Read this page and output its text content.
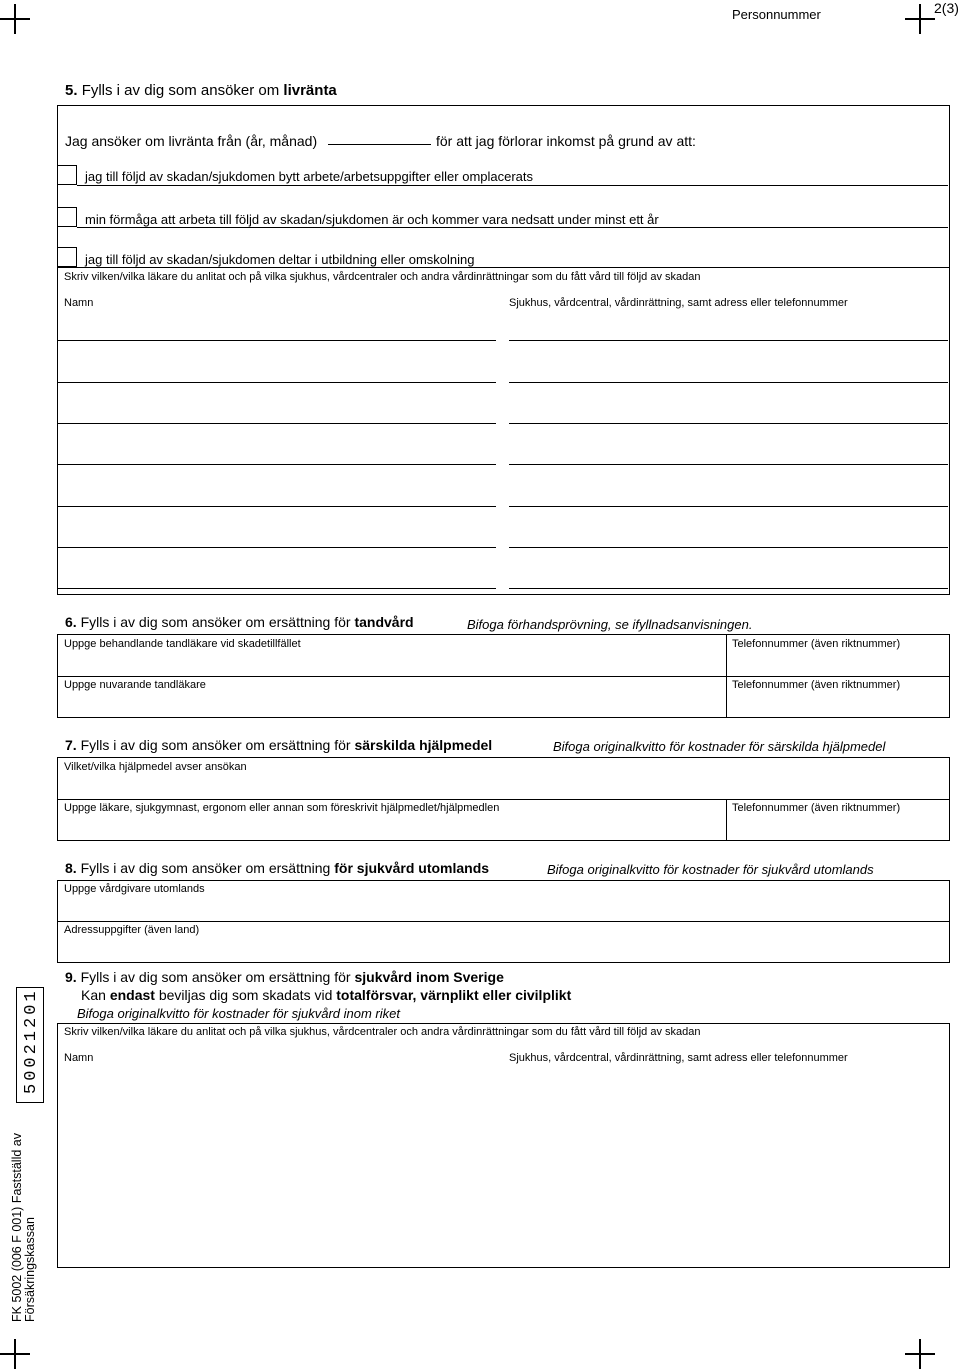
Personnummer	2(3)
5. Fylls i av dig som ansöker om livränta
Jag ansöker om livränta från (år, månad)	för att jag förlorar inkomst på grund av att:
jag till följd av skadan/sjukdomen bytt arbete/arbetsuppgifter eller omplacerats
min förmåga att arbeta till följd av skadan/sjukdomen är och kommer vara nedsatt under minst ett år
jag till följd av skadan/sjukdomen deltar i utbildning eller omskolning
Skriv vilken/vilka läkare du anlitat och på vilka sjukhus, vårdcentraler och andra vårdinrättningar som du fått vård till följd av skadan
Namn	Sjukhus, vårdcentral, vårdinrättning, samt adress eller telefonnummer
6. Fylls i av dig som ansöker om ersättning för tandvård	Bifoga förhandsprövning, se ifyllnadsanvisningen.
Uppge behandlande tandläkare vid skadetillfället	Telefonnummer (även riktnummer)
Uppge nuvarande tandläkare	Telefonnummer (även riktnummer)
7. Fylls i av dig som ansöker om ersättning för särskilda hjälpmedel	Bifoga originalkvitto för kostnader för särskilda hjälpmedel
Vilket/vilka hjälpmedel avser ansökan
Uppge läkare, sjukgymnast, ergonom eller annan som föreskrivit hjälpmedlet/hjälpmedlen	Telefonnummer (även riktnummer)
8. Fylls i av dig som ansöker om ersättning för sjukvård utomlands	Bifoga originalkvitto för kostnader för sjukvård utomlands
Uppge vårdgivare utomlands
Adressuppgifter (även land)
9. Fylls i av dig som ansöker om ersättning för sjukvård inom Sverige
Kan endast beviljas dig som skadats vid totalförsvar, värnplikt eller civilplikt
Bifoga originalkvitto för kostnader för sjukvård inom riket
Skriv vilken/vilka läkare du anlitat och på vilka sjukhus, vårdcentraler och andra vårdinrättningar som du fått vård till följd av skadan
Namn	Sjukhus, vårdcentral, vårdinrättning, samt adress eller telefonnummer
50021201
FK 5002 (006 F 001) Fastställd av Försäkringskassan
